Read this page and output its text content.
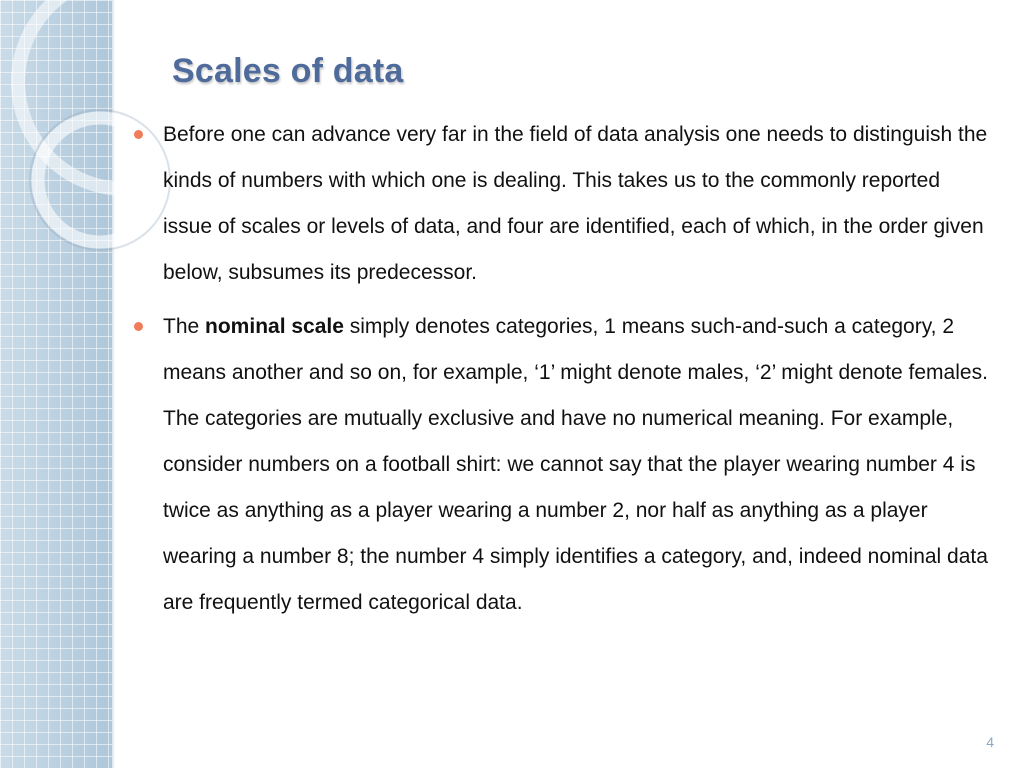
Scales of data
Before one can advance very far in the field of data analysis one needs to distinguish the kinds of numbers with which one is dealing. This takes us to the commonly reported issue of scales or levels of data, and four are identified, each of which, in the order given below, subsumes its predecessor.
The nominal scale simply denotes categories, 1 means such-and-such a category, 2 means another and so on, for example, ‘1’ might denote males, ‘2’ might denote females. The categories are mutually exclusive and have no numerical meaning. For example, consider numbers on a football shirt: we cannot say that the player wearing number 4 is twice as anything as a player wearing a number 2, nor half as anything as a player wearing a number 8; the number 4 simply identifies a category, and, indeed nominal data are frequently termed categorical data.
4
